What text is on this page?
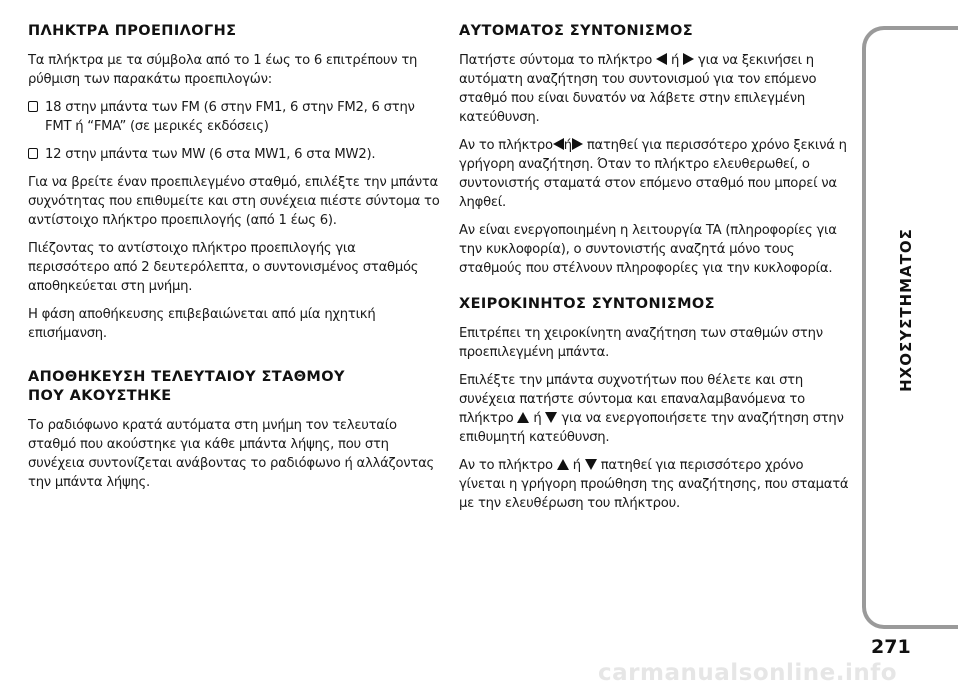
ΠΛΗΚΤΡΑ ΠΡΟΕΠΙΛΟΓΗΣ

Τα πλήκτρα με τα σύμβολα από το 1 έως το 6 επιτρέπουν τη ρύθμιση των παρακάτω προεπιλογών:

18 στην μπάντα των FM (6 στην FM1, 6 στην FM2, 6 στην FMT ή “FMA” (σε μερικές εκδόσεις)
12 στην μπάντα των MW (6 στα MW1, 6 στα MW2).

Για να βρείτε έναν προεπιλεγμένο σταθμό, επιλέξτε την μπάντα συχνότητας που επιθυμείτε και στη συνέχεια πιέστε σύντομα το αντίστοιχο πλήκτρο προεπιλογής (από 1 έως 6).

Πιέζοντας το αντίστοιχο πλήκτρο προεπιλογής για περισσότερο από 2 δευτερόλεπτα, ο συντονισμένος σταθμός αποθηκεύεται στη μνήμη.

Η φάση αποθήκευσης επιβεβαιώνεται από μία ηχητική επισήμανση.

ΑΠΟΘΗΚΕΥΣΗ ΤΕΛΕΥΤΑΙΟΥ ΣΤΑΘΜΟΥ
ΠΟΥ ΑΚΟΥΣΤΗΚΕ

Το ραδιόφωνο κρατά αυτόματα στη μνήμη τον τελευταίο σταθμό που ακούστηκε για κάθε μπάντα λήψης, που στη συνέχεια συντονίζεται ανάβοντας το ραδιόφωνο ή αλλάζοντας την μπάντα λήψης.

ΑΥΤΟΜΑΤΟΣ ΣΥΝΤΟΝΙΣΜΟΣ

Πατήστε σύντομα το πλήκτρο ή για να ξεκινήσει η αυτόματη αναζήτηση του συντονισμού για τον επόμενο σταθμό που είναι δυνατόν να λάβετε στην επιλεγμένη κατεύθυνση.

Αν το πλήκτρο ή πατηθεί για περισσότερο χρόνο ξεκινά η γρήγορη αναζήτηση. Όταν το πλήκτρο ελευθερωθεί, ο συντονιστής σταματά στον επόμενο σταθμό που μπορεί να ληφθεί.

Αν είναι ενεργοποιημένη η λειτουργία TA (πληροφορίες για την κυκλοφορία), ο συντονιστής αναζητά μόνο τους σταθμούς που στέλνουν πληροφορίες για την κυκλοφορία.

ΧΕΙΡΟΚΙΝΗΤΟΣ ΣΥΝΤΟΝΙΣΜΟΣ

Επιτρέπει τη χειροκίνητη αναζήτηση των σταθμών στην προεπιλεγμένη μπάντα.

Επιλέξτε την μπάντα συχνοτήτων που θέλετε και στη συνέχεια πατήστε σύντομα και επαναλαμβανόμενα το πλήκτρο ή για να ενεργοποιήσετε την αναζήτηση στην επιθυμητή κατεύθυνση.

Αν το πλήκτρο ή πατηθεί για περισσότερο χρόνο γίνεται η γρήγορη προώθηση της αναζήτησης, που σταματά με την ελευθέρωση του πλήκτρου.

ΗΧΟΣΥΣΤΗΜΑΤΟΣ
271
carmanualsonline.info
